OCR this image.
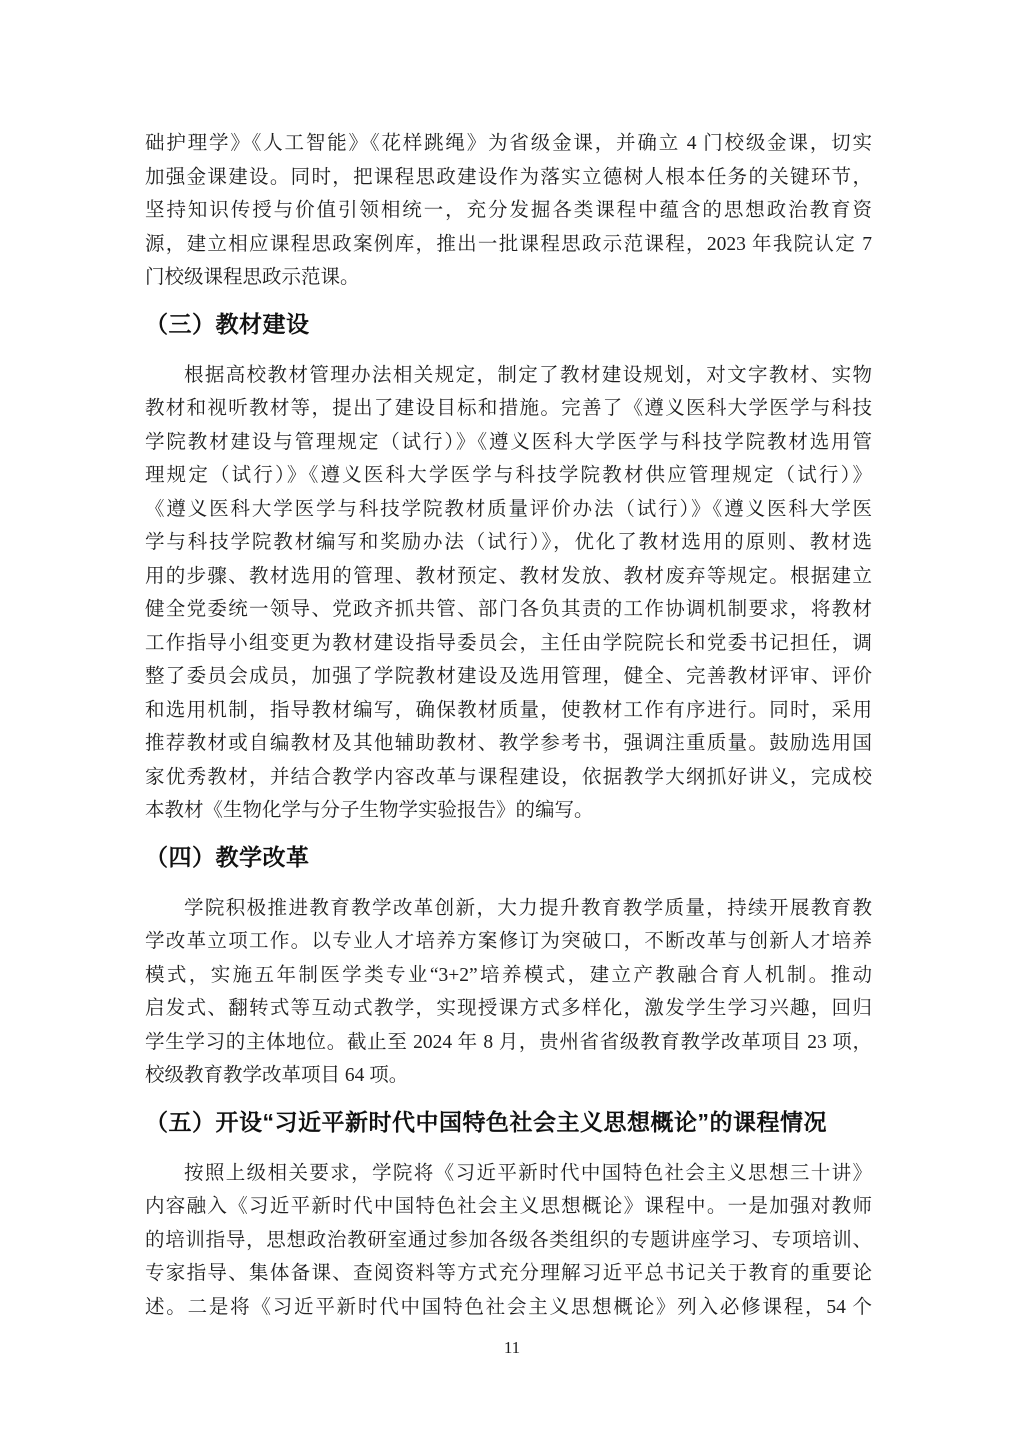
础护理学》《人工智能》《花样跳绳》为省级金课，并确立 4 门校级金课，切实
加强金课建设。同时，把课程思政建设作为落实立德树人根本任务的关键环节，
坚持知识传授与价值引领相统一，充分发掘各类课程中蕴含的思想政治教育资
源，建立相应课程思政案例库，推出一批课程思政示范课程，2023 年我院认定 7
门校级课程思政示范课。
（三）教材建设
根据高校教材管理办法相关规定，制定了教材建设规划，对文字教材、实物
教材和视听教材等，提出了建设目标和措施。完善了《遵义医科大学医学与科技
学院教材建设与管理规定（试行）》《遵义医科大学医学与科技学院教材选用管
理规定（试行）》《遵义医科大学医学与科技学院教材供应管理规定（试行）》
《遵义医科大学医学与科技学院教材质量评价办法（试行）》《遵义医科大学医
学与科技学院教材编写和奖励办法（试行）》，优化了教材选用的原则、教材选
用的步骤、教材选用的管理、教材预定、教材发放、教材废弃等规定。根据建立
健全党委统一领导、党政齐抓共管、部门各负其责的工作协调机制要求，将教材
工作指导小组变更为教材建设指导委员会，主任由学院院长和党委书记担任，调
整了委员会成员，加强了学院教材建设及选用管理，健全、完善教材评审、评价
和选用机制，指导教材编写，确保教材质量，使教材工作有序进行。同时，采用
推荐教材或自编教材及其他辅助教材、教学参考书，强调注重质量。鼓励选用国
家优秀教材，并结合教学内容改革与课程建设，依据教学大纲抓好讲义，完成校
本教材《生物化学与分子生物学实验报告》的编写。
（四）教学改革
学院积极推进教育教学改革创新，大力提升教育教学质量，持续开展教育教
学改革立项工作。以专业人才培养方案修订为突破口，不断改革与创新人才培养
模式，实施五年制医学类专业“3+2”培养模式，建立产教融合育人机制。推动
启发式、翻转式等互动式教学，实现授课方式多样化，激发学生学习兴趣，回归
学生学习的主体地位。截止至 2024 年 8 月，贵州省省级教育教学改革项目 23 项，
校级教育教学改革项目 64 项。
（五）开设“习近平新时代中国特色社会主义思想概论”的课程情况
按照上级相关要求，学院将《习近平新时代中国特色社会主义思想三十讲》
内容融入《习近平新时代中国特色社会主义思想概论》课程中。一是加强对教师
的培训指导，思想政治教研室通过参加各级各类组织的专题讲座学习、专项培训、
专家指导、集体备课、查阅资料等方式充分理解习近平总书记关于教育的重要论
述。二是将《习近平新时代中国特色社会主义思想概论》列入必修课程，54 个
11
